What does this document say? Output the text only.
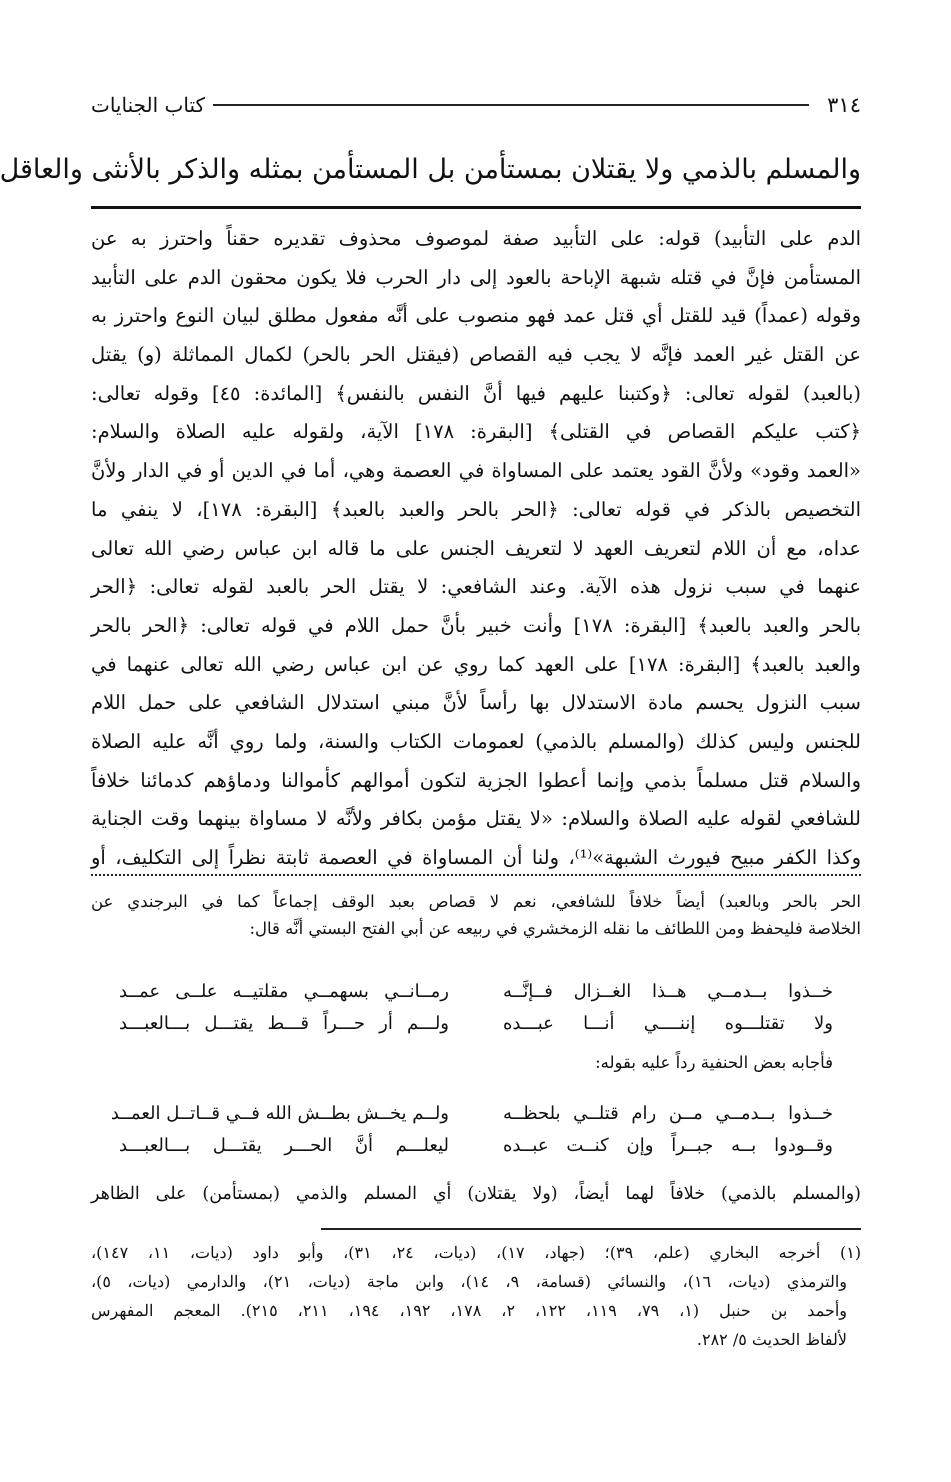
٣١٤
كتاب الجنايات
والمسلم بالذمي ولا يقتلان بمستأمن بل المستأمن بمثله والذكر بالأنثى والعاقل
الدم على التأبيد) قوله: على التأبيد صفة لموصوف محذوف تقديره حقناً واحترز به عن
المستأمن فإنَّ في قتله شبهة الإباحة بالعود إلى دار الحرب فلا يكون محقون الدم على التأبيد
وقوله (عمداً) قيد للقتل أي قتل عمد فهو منصوب على أنَّه مفعول مطلق لبيان النوع واحترز به
عن القتل غير العمد فإنَّه لا يجب فيه القصاص (فيقتل الحر بالحر) لكمال المماثلة (و) يقتل
(بالعبد) لقوله تعالى: ﴿وكتبنا عليهم فيها أنَّ النفس بالنفس﴾ [المائدة: ٤٥] وقوله تعالى:
﴿كتب عليكم القصاص في القتلى﴾ [البقرة: ١٧٨] الآية، ولقوله عليه الصلاة والسلام:
«العمد وقود» ولأنَّ القود يعتمد على المساواة في العصمة وهي، أما في الدين أو في الدار ولأنَّ
التخصيص بالذكر في قوله تعالى: ﴿الحر بالحر والعبد بالعبد﴾ [البقرة: ١٧٨]، لا ينفي ما
عداه، مع أن اللام لتعريف العهد لا لتعريف الجنس على ما قاله ابن عباس رضي الله تعالى
عنهما في سبب نزول هذه الآية. وعند الشافعي: لا يقتل الحر بالعبد لقوله تعالى: ﴿الحر
بالحر والعبد بالعبد﴾ [البقرة: ١٧٨] وأنت خبير بأنَّ حمل اللام في قوله تعالى: ﴿الحر بالحر
والعبد بالعبد﴾ [البقرة: ١٧٨] على العهد كما روي عن ابن عباس رضي الله تعالى عنهما في
سبب النزول يحسم مادة الاستدلال بها رأساً لأنَّ مبني استدلال الشافعي على حمل اللام
للجنس وليس كذلك (والمسلم بالذمي) لعمومات الكتاب والسنة، ولما روي أنَّه عليه الصلاة
والسلام قتل مسلماً بذمي وإنما أعطوا الجزية لتكون أموالهم كأموالنا ودماؤهم كدمائنا خلافاً
للشافعي لقوله عليه الصلاة والسلام: «لا يقتل مؤمن بكافر ولأنَّه لا مساواة بينهما وقت الجناية
وكذا الكفر مبيح فيورث الشبهة»⁽¹⁾، ولنا أن المساواة في العصمة ثابتة نظراً إلى التكليف، أو
الحر بالحر وبالعبد) أيضاً خلافاً للشافعي، نعم لا قصاص بعبد الوقف إجماعاً كما في البرجندي عن
الخلاصة فليحفظ ومن اللطائف ما نقله الزمخشري في ربيعه عن أبي الفتح البستي أنَّه قال:
خــذوا بــدمــي هــذا الغــزال فــإنَّــه
رمــانــي بسهمــي مقلتيــه علــى عمــد
ولا تقتلـــوه إننــــي أنـــا عبـــده
ولـــم أر حـــراً قـــط يقتـــل بـــالعبـــد
فأجابه بعض الحنفية رداً عليه بقوله:
خــذوا بــدمــي مــن رام قتلــي بلحظــه
ولــم يخــش بطــش الله فــي قــاتــل العمــد
وقــودوا بــه جبــراً وإن كنــت عبــده
ليعلـــم أنَّ الحـــر يقتـــل بـــالعبـــد
(والمسلم بالذمي) خلافاً لهما أيضاً، (ولا يقتلان) أي المسلم والذمي (بمستأمن) على الظاهر
(١) أخرجه البخاري (علم، ٣٩)؛ (جهاد، ١٧)، (ديات، ٢٤، ٣١)، وأبو داود (ديات، ١١، ١٤٧)،
والترمذي (ديات، ١٦)، والنسائي (قسامة، ٩، ١٤)، وابن ماجة (ديات، ٢١)، والدارمي (ديات، ٥)،
وأحمد بن حنبل (١، ٧٩، ١١٩، ١٢٢، ٢، ١٧٨، ١٩٢، ١٩٤، ٢١١، ٢١٥). المعجم المفهرس
لألفاظ الحديث ٥/ ٢٨٢.
